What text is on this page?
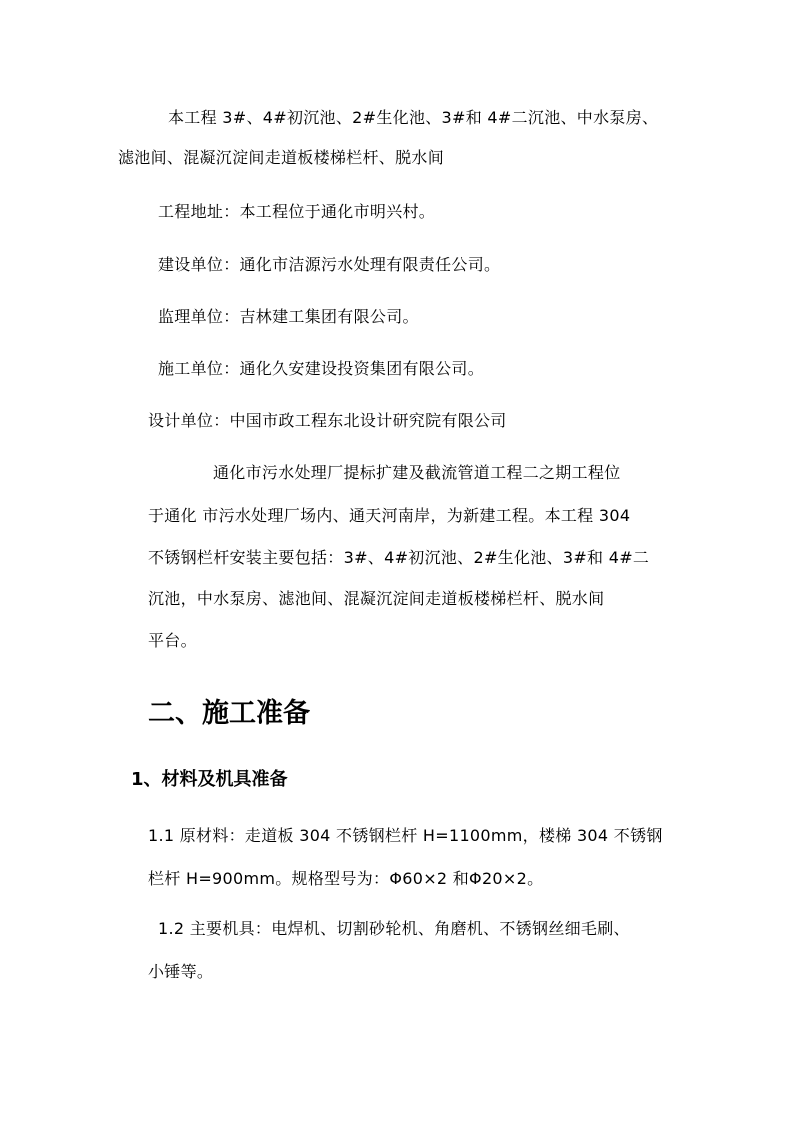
本工程 3#、4#初沉池、2#生化池、3#和 4#二沉池、中水泵房、
滤池间、混凝沉淀间走道板楼梯栏杆、脱水间
工程地址：本工程位于通化市明兴村。
建设单位：通化市洁源污水处理有限责任公司。
监理单位：吉林建工集团有限公司。
施工单位：通化久安建设投资集团有限公司。
设计单位：中国市政工程东北设计研究院有限公司
通化市污水处理厂提标扩建及截流管道工程二之期工程位
于通化 市污水处理厂场内、通天河南岸，为新建工程。本工程 304
不锈钢栏杆安装主要包括：3#、4#初沉池、2#生化池、3#和 4#二
沉池，中水泵房、滤池间、混凝沉淀间走道板楼梯栏杆、脱水间
平台。
二、施工准备
1、材料及机具准备
1.1 原材料：走道板 304 不锈钢栏杆 H=1100mm，楼梯 304 不锈钢
栏杆 H=900mm。规格型号为：Φ60×2 和Φ20×2。
1.2 主要机具：电焊机、切割砂轮机、角磨机、不锈钢丝细毛刷、
小锤等。
